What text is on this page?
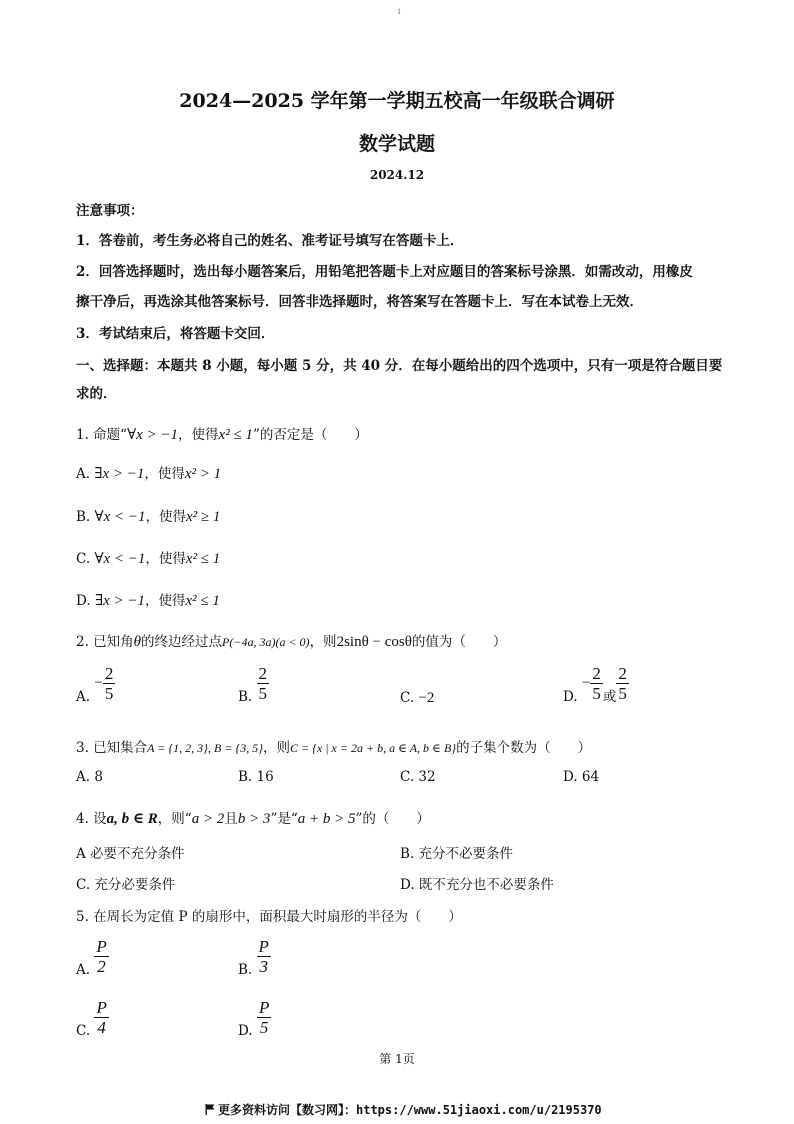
1
2024—2025 学年第一学期五校高一年级联合调研
数学试题
2024.12
注意事项：
1．答卷前，考生务必将自己的姓名、准考证号填写在答题卡上．
2．回答选择题时，选出每小题答案后，用铅笔把答题卡上对应题目的答案标号涂黑．如需改动，用橡皮
擦干净后，再选涂其他答案标号．回答非选择题时，将答案写在答题卡上．写在本试卷上无效．
3．考试结束后，将答题卡交回．
一、选择题：本题共 8 小题，每小题 5 分，共 40 分．在每小题给出的四个选项中，只有一项是符合题目要
求的．
1. 命题“∀x > −1，使得x² ≤ 1”的否定是（　　）
A. ∃x > −1，使得x² > 1
B. ∀x < −1，使得x² ≥ 1
C. ∀x < −1，使得x² ≤ 1
D. ∃x > −1，使得x² ≤ 1
2. 已知角θ的终边经过点P(−4a, 3a)(a < 0)，则2sinθ − cosθ的值为（　　）
A. − $\frac{2}{5}$	B. $\frac{2}{5}$	C. −2	D. − $\frac{2}{5}$ 或 $\frac{2}{5}$
3. 已知集合A = {1, 2, 3}, B = {3, 5}，则C = {x | x = 2a + b, a ∈ A, b ∈ B}的子集个数为（　　）
A. 8	B. 16	C. 32	D. 64
4. 设a, b ∈ R，则“a > 2且b > 3”是“a + b > 5”的（　　）
A 必要不充分条件	B. 充分不必要条件
C. 充分必要条件	D. 既不充分也不必要条件
5. 在周长为定值 P 的扇形中，面积最大时扇形的半径为（　　）
A. $\frac{P}{2}$	B. $\frac{P}{3}$
C. $\frac{P}{4}$	D. $\frac{P}{5}$
第 1页
更多资料访问【数习网】：https://www.51jiaoxi.com/u/2195370
